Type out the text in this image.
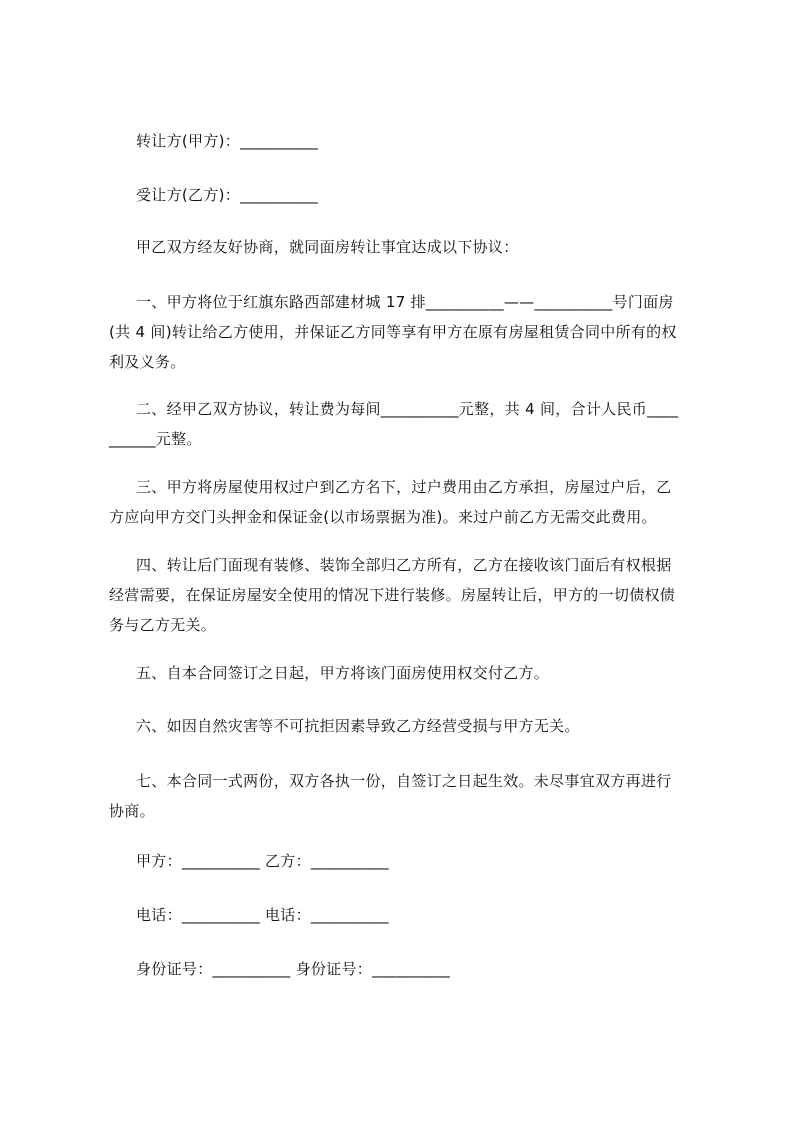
转让方(甲方)：__________

受让方(乙方)：__________

甲乙双方经友好协商，就同面房转让事宜达成以下协议：

一、甲方将位于红旗东路西部建材城 17 排__________——__________号门面房
(共 4 间)转让给乙方使用，并保证乙方同等享有甲方在原有房屋租赁合同中所有的权
利及义务。
二、经甲乙双方协议，转让费为每间__________元整，共 4 间，合计人民币____
______元整。
三、甲方将房屋使用权过户到乙方名下，过户费用由乙方承担，房屋过户后，乙
方应向甲方交门头押金和保证金(以市场票据为准)。来过户前乙方无需交此费用。
四、转让后门面现有装修、装饰全部归乙方所有，乙方在接收该门面后有权根据
经营需要，在保证房屋安全使用的情况下进行装修。房屋转让后，甲方的一切债权债
务与乙方无关。

五、自本合同签订之日起，甲方将该门面房使用权交付乙方。

六、如因自然灾害等不可抗拒因素导致乙方经营受损与甲方无关。

七、本合同一式两份，双方各执一份，自签订之日起生效。未尽事宜双方再进行
协商。

甲方：__________ 乙方：__________

电话：__________ 电话：__________

身份证号：__________ 身份证号：__________
